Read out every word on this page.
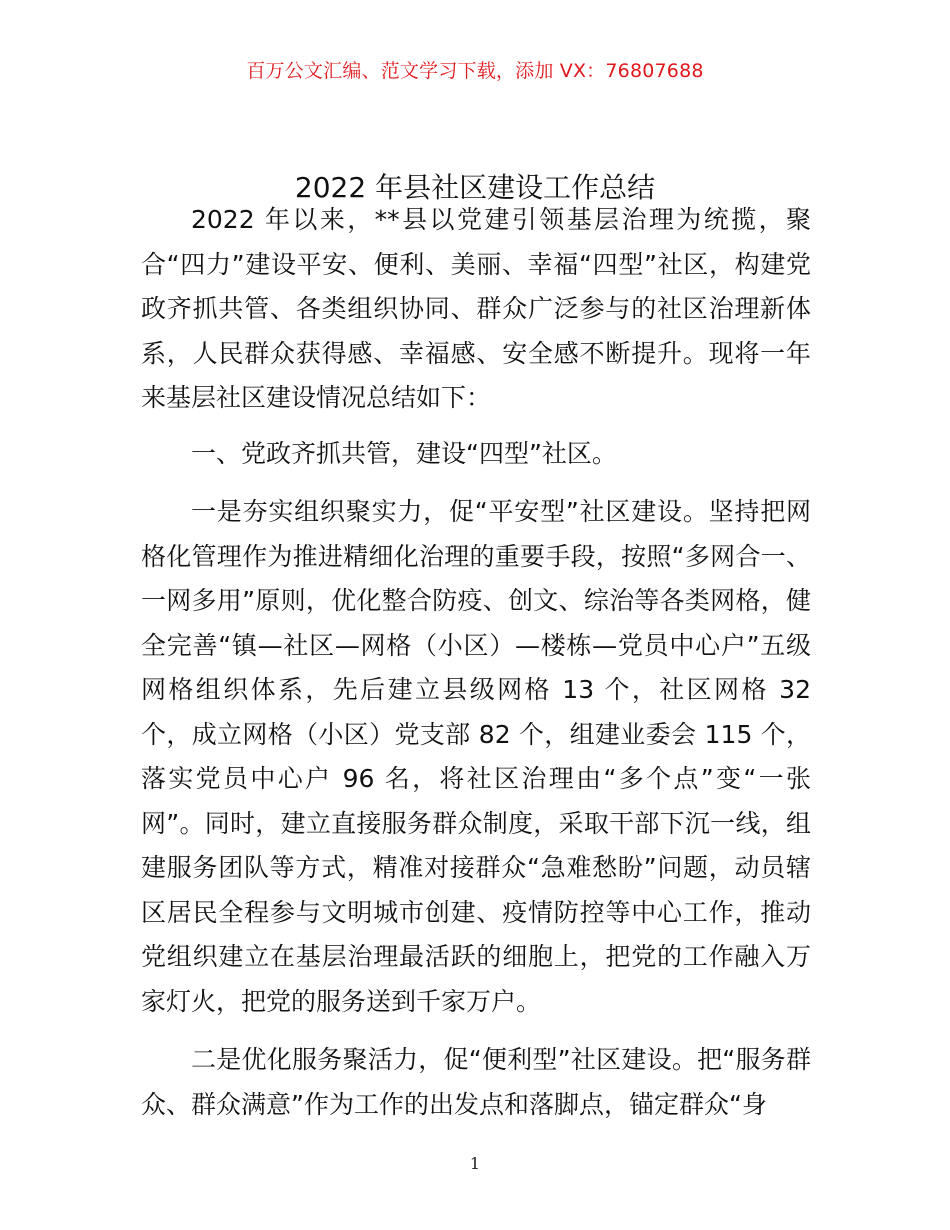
百万公文汇编、范文学习下载，添加 VX：76807688
2022 年县社区建设工作总结

2022 年以来，**县以党建引领基层治理为统揽，聚合“四力”建设平安、便利、美丽、幸福“四型”社区，构建党政齐抓共管、各类组织协同、群众广泛参与的社区治理新体系，人民群众获得感、幸福感、安全感不断提升。现将一年来基层社区建设情况总结如下：

一、党政齐抓共管，建设“四型”社区。

一是夯实组织聚实力，促“平安型”社区建设。坚持把网格化管理作为推进精细化治理的重要手段，按照“多网合一、一网多用”原则，优化整合防疫、创文、综治等各类网格，健全完善“镇—社区—网格（小区）—楼栋—党员中心户”五级网格组织体系，先后建立县级网格 13 个，社区网格 32 个，成立网格（小区）党支部 82 个，组建业委会 115 个，落实党员中心户 96 名，将社区治理由“多个点”变“一张网”。同时，建立直接服务群众制度，采取干部下沉一线，组建服务团队等方式，精准对接群众“急难愁盼”问题，动员辖区居民全程参与文明城市创建、疫情防控等中心工作，推动党组织建立在基层治理最活跃的细胞上，把党的工作融入万家灯火，把党的服务送到千家万户。

二是优化服务聚活力，促“便利型”社区建设。把“服务群众、群众满意”作为工作的出发点和落脚点，锚定群众“身

1
